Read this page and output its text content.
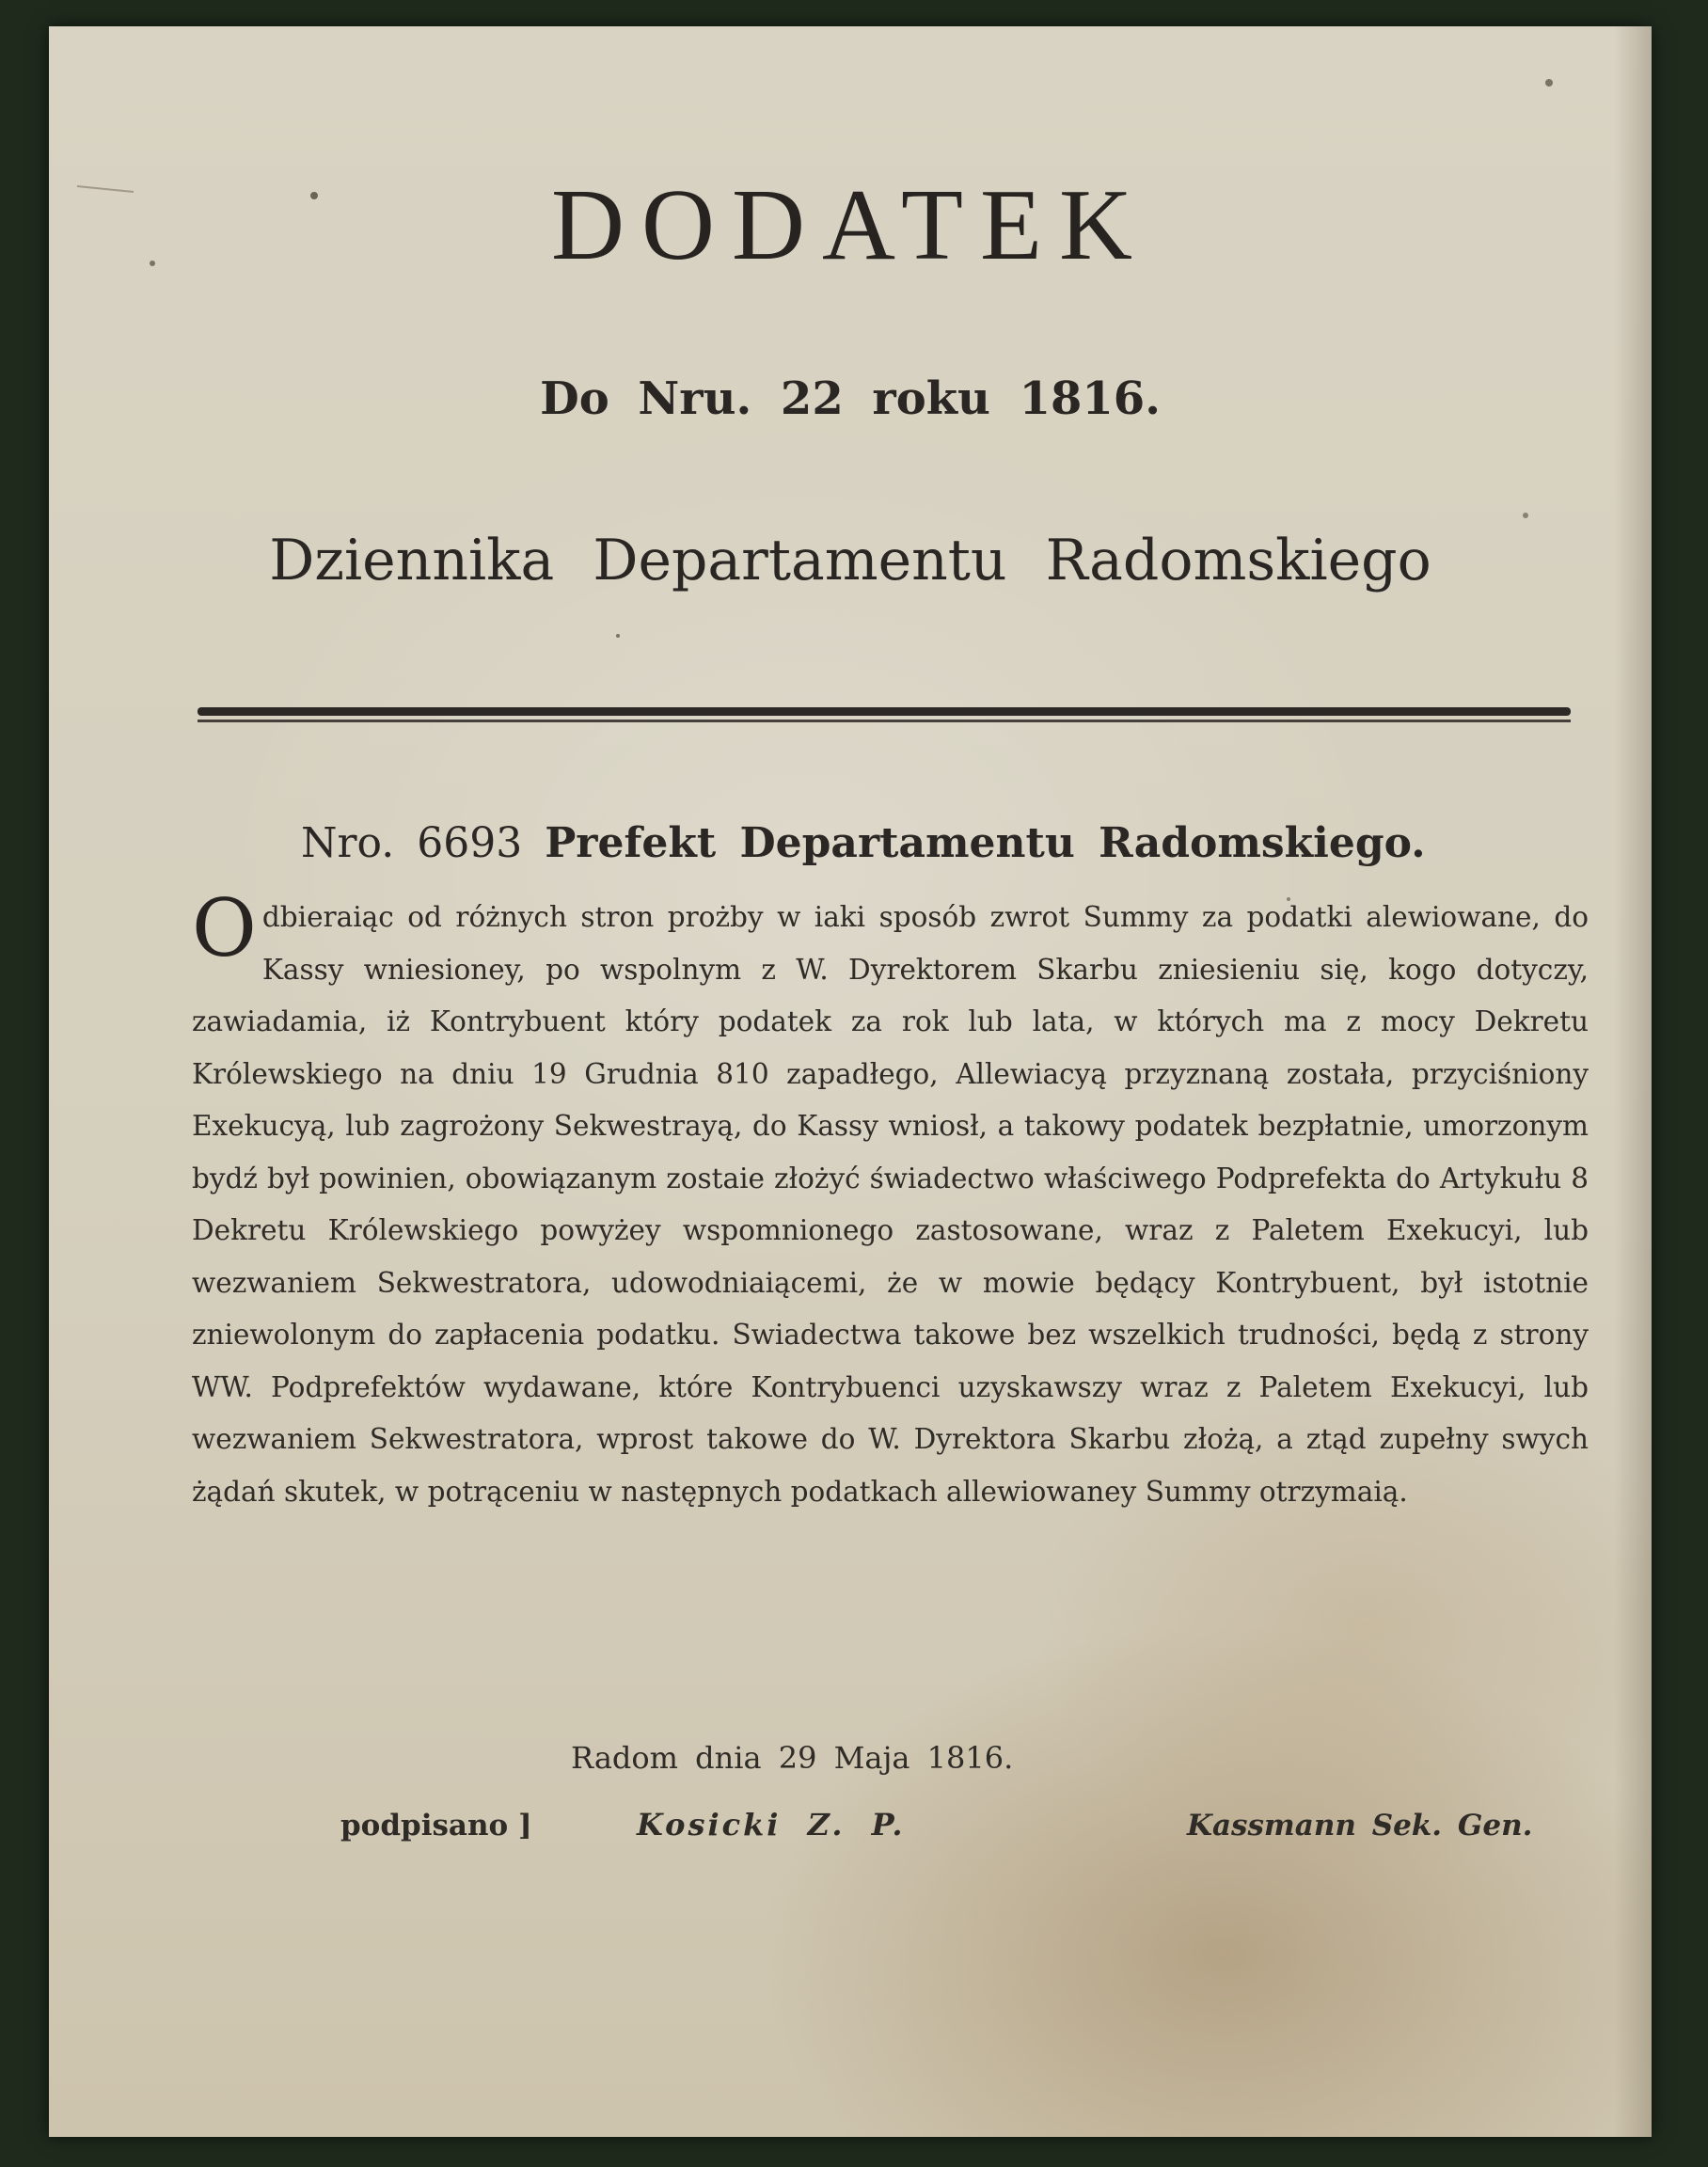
DODATEK
Do Nru. 22 roku 1816.
Dziennika Departamentu Radomskiego
Nro. 6693 Prefekt Departamentu Radomskiego.
O dbieraiąc od różnych stron prożby w iaki sposób zwrot Summy za podatki alewiowane, do Kassy wniesioney, po wspolnym z W. Dyrektorem Skarbu zniesieniu się, kogo dotyczy, zawiadamia, iż Kontrybuent który podatek za rok lub lata, w których ma z mocy Dekretu Królewskiego na dniu 19 Grudnia 810 zapadłego, Allewiacyą przyznaną została, przyciśniony Exekucyą, lub zagrożony Sekwestrayą, do Kassy wniosł, a takowy podatek bezpłatnie, umorzonym bydź był powinien, obowiązanym zostaie złożyć świadectwo właściwego Podprefekta do Artykułu 8 Dekretu Królewskiego powyżey wspomnionego zastosowane, wraz z Paletem Exekucyi, lub wezwaniem Sekwestratora, udowodniaiącemi, że w mowie będący Kontrybuent, był istotnie zniewolonym do zapłacenia podatku. Swiadectwa takowe bez wszelkich trudności, będą z strony WW. Podprefektów wydawane, które Kontrybuenci uzyskawszy wraz z Paletem Exekucyi, lub wezwaniem Sekwestratora, wprost takowe do W. Dyrektora Skarbu złożą, a ztąd zupełny swych żądań skutek, w potrąceniu w następnych podatkach allewiowaney Summy otrzymaią.
Radom dnia 29 Maja 1816.
podpisano ]	Kosicki Z. P.	Kassmann Sek. Gen.
